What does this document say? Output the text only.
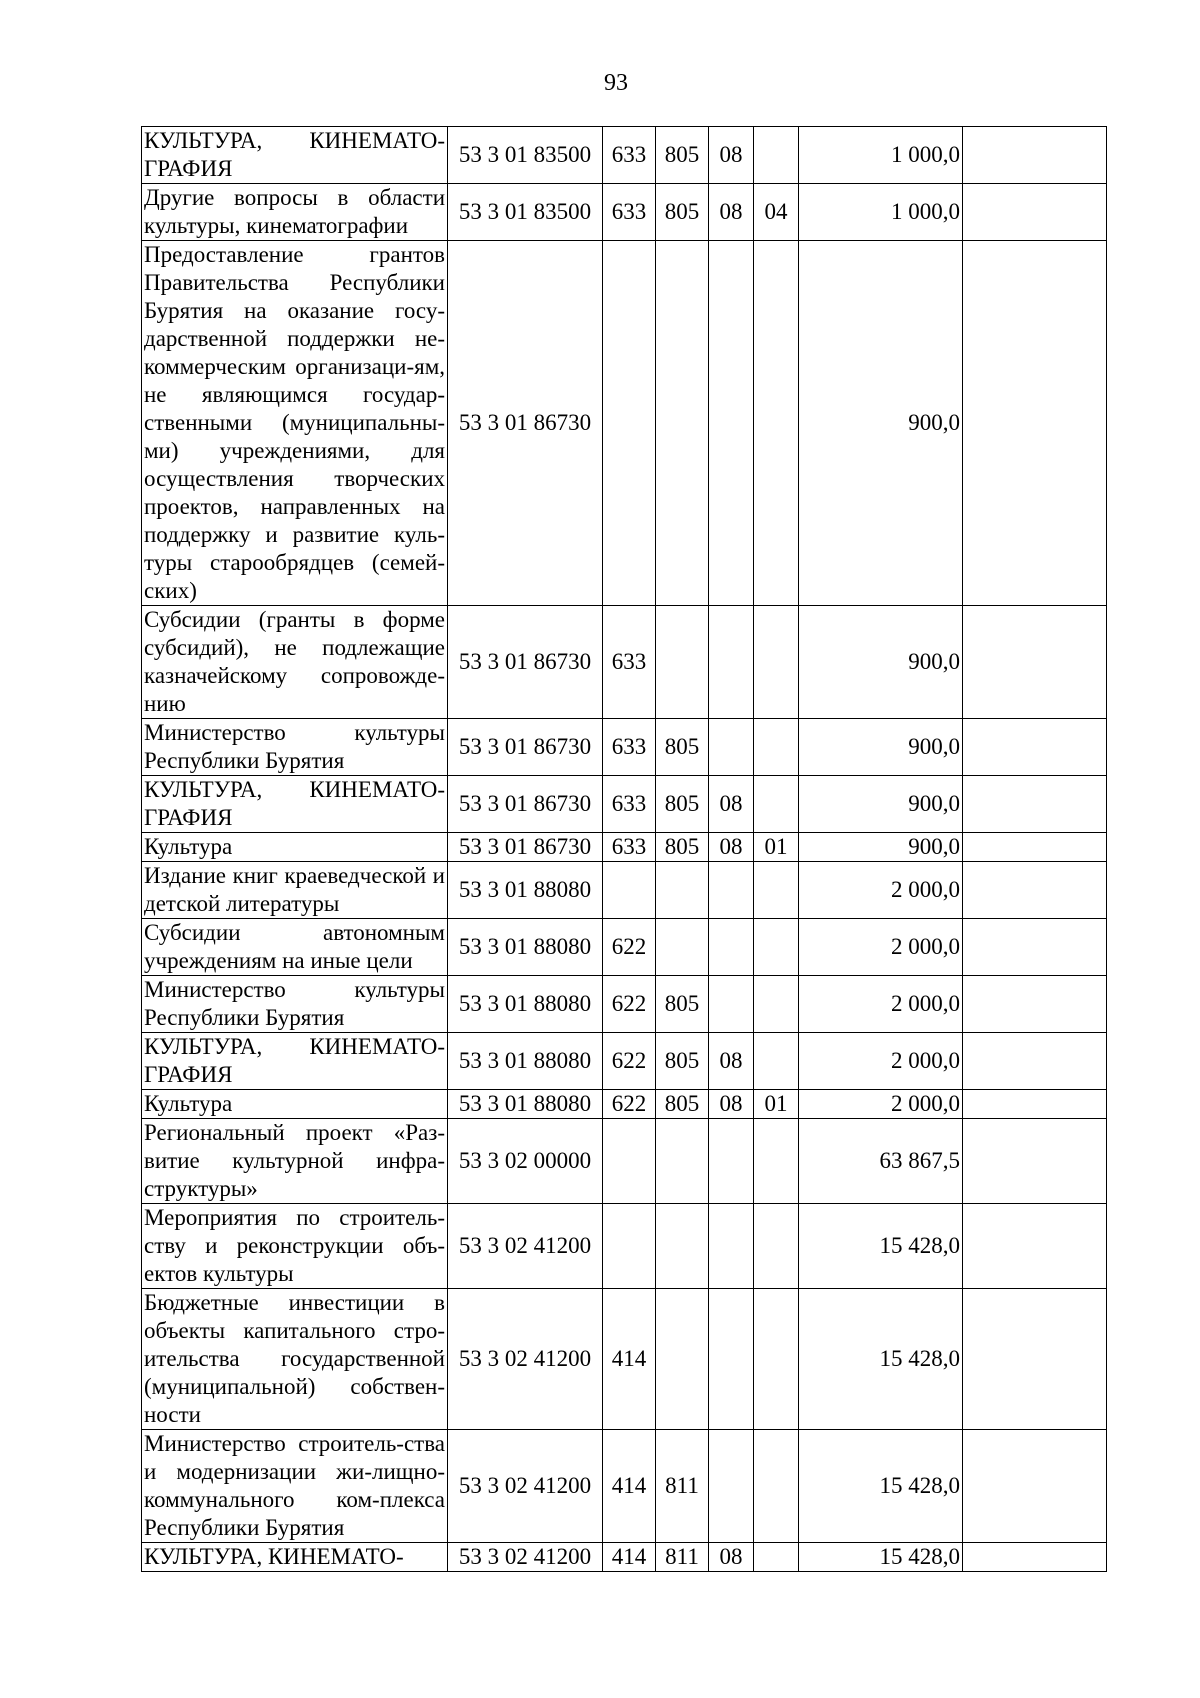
93
КУЛЬТУРА, КИНЕМАТО-ГРАФИЯ	53 3 01 83500	633	805	08		1 000,0	
Другие вопросы в области культуры, кинематографии	53 3 01 83500	633	805	08	04	1 000,0	
Предоставление грантов Правительства Республики Бурятия на оказание госу-дарственной поддержки не-коммерческим организаци-ям, не являющимся государ-ственными (муниципальны-ми) учреждениями, для осуществления творческих проектов, направленных на поддержку и развитие куль-туры старообрядцев (семей-ских)	53 3 01 86730					900,0	
Субсидии (гранты в форме субсидий), не подлежащие казначейскому сопровожде-нию	53 3 01 86730	633				900,0	
Министерство культуры Республики Бурятия	53 3 01 86730	633	805			900,0	
КУЛЬТУРА, КИНЕМАТО-ГРАФИЯ	53 3 01 86730	633	805	08		900,0	
Культура	53 3 01 86730	633	805	08	01	900,0	
Издание книг краеведческой и детской литературы	53 3 01 88080					2 000,0	
Субсидии автономным учреждениям на иные цели	53 3 01 88080	622				2 000,0	
Министерство культуры Республики Бурятия	53 3 01 88080	622	805			2 000,0	
КУЛЬТУРА, КИНЕМАТО-ГРАФИЯ	53 3 01 88080	622	805	08		2 000,0	
Культура	53 3 01 88080	622	805	08	01	2 000,0	
Региональный проект «Раз-витие культурной инфра-структуры»	53 3 02 00000					63 867,5	
Мероприятия по строитель-ству и реконструкции объ-ектов культуры	53 3 02 41200					15 428,0	
Бюджетные инвестиции в объекты капитального стро-ительства государственной (муниципальной) собствен-ности	53 3 02 41200	414				15 428,0	
Министерство строитель-ства и модернизации жи-лищно-коммунального ком-плекса Республики Бурятия	53 3 02 41200	414	811			15 428,0	
КУЛЬТУРА, КИНЕМАТО-	53 3 02 41200	414	811	08		15 428,0	
